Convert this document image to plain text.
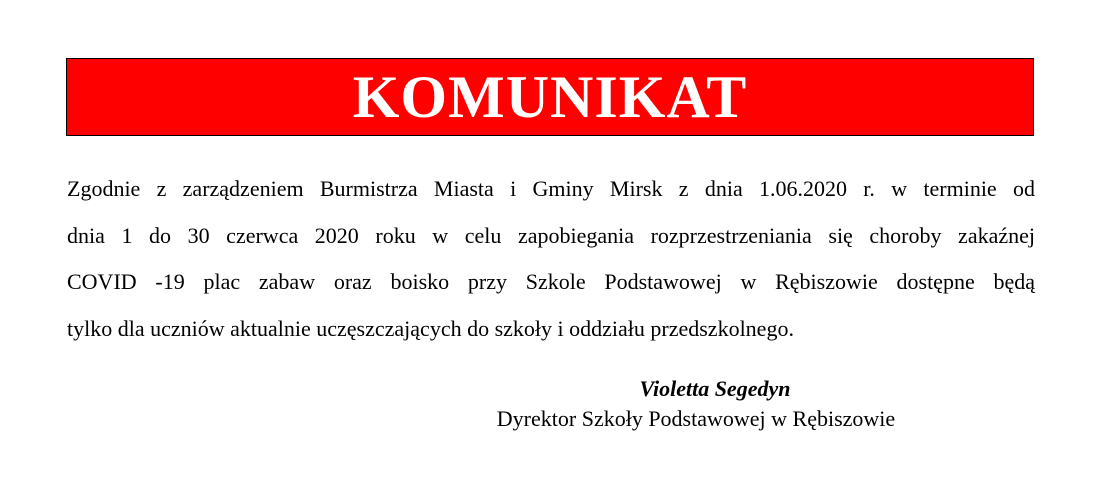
KOMUNIKAT
Zgodnie z zarządzeniem Burmistrza Miasta i Gminy Mirsk z dnia 1.06.2020 r. w terminie od
dnia 1 do 30 czerwca 2020 roku w celu zapobiegania rozprzestrzeniania się choroby zakaźnej
COVID -19 plac zabaw oraz boisko przy Szkole Podstawowej w Rębiszowie dostępne będą
tylko dla uczniów aktualnie uczęszczających do szkoły i oddziału przedszkolnego.
Violetta Segedyn
Dyrektor Szkoły Podstawowej w Rębiszowie
